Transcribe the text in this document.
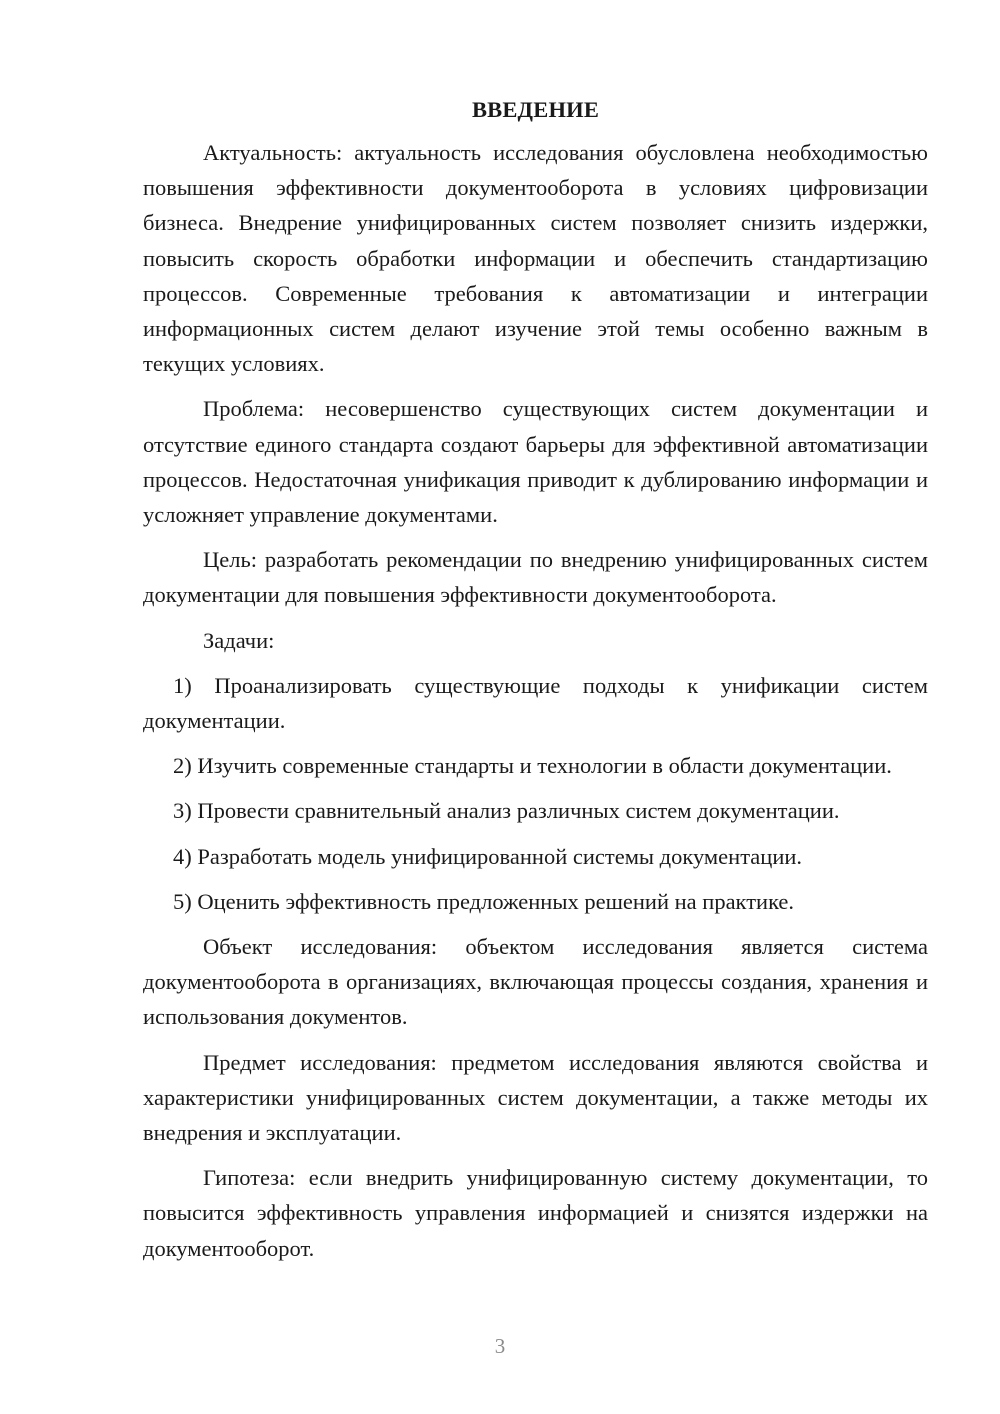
ВВЕДЕНИЕ

Актуальность: актуальность исследования обусловлена необходимостью повышения эффективности документооборота в условиях цифровизации бизнеса. Внедрение унифицированных систем позволяет снизить издержки, повысить скорость обработки информации и обеспечить стандартизацию процессов. Современные требования к автоматизации и интеграции информационных систем делают изучение этой темы особенно важным в текущих условиях.

Проблема: несовершенство существующих систем документации и отсутствие единого стандарта создают барьеры для эффективной автоматизации процессов. Недостаточная унификация приводит к дублированию информации и усложняет управление документами.

Цель: разработать рекомендации по внедрению унифицированных систем документации для повышения эффективности документооборота.

Задачи:

1) Проанализировать существующие подходы к унификации систем документации.

2) Изучить современные стандарты и технологии в области документации.

3) Провести сравнительный анализ различных систем документации.

4) Разработать модель унифицированной системы документации.

5) Оценить эффективность предложенных решений на практике.

Объект исследования: объектом исследования является система документооборота в организациях, включающая процессы создания, хранения и использования документов.

Предмет исследования: предметом исследования являются свойства и характеристики унифицированных систем документации, а также методы их внедрения и эксплуатации.

Гипотеза: если внедрить унифицированную систему документации, то повысится эффективность управления информацией и снизятся издержки на документооборот.

3
